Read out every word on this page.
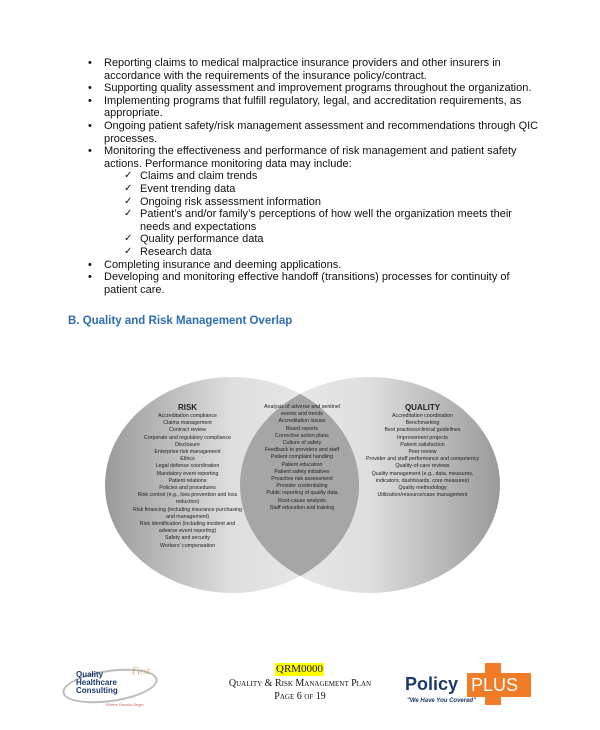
• Reporting claims to medical malpractice insurance providers and other insurers in accordance with the requirements of the insurance policy/contract.
• Supporting quality assessment and improvement programs throughout the organization.
• Implementing programs that fulfill regulatory, legal, and accreditation requirements, as appropriate.
• Ongoing patient safety/risk management assessment and recommendations through QIC processes.
• Monitoring the effectiveness and performance of risk management and patient safety actions. Performance monitoring data may include:
✓ Claims and claim trends
✓ Event trending data
✓ Ongoing risk assessment information
✓ Patient’s and/or family’s perceptions of how well the organization meets their needs and expectations
✓ Quality performance data
✓ Research data
• Completing insurance and deeming applications.
• Developing and monitoring effective handoff (transitions) processes for continuity of patient care.
B. Quality and Risk Management Overlap
RISK
Accreditation compliance
Claims management
Contract review
Corporate and regulatory compliance
Disclosure
Enterprise risk management
Ethics
Legal defense coordination
Mandatory event reporting
Patient relations
Policies and procedures
Risk control (e.g., loss prevention and loss reduction)
Risk financing (including insurance purchasing and management)
Risk identification (including incident and adverse event reporting)
Safety and security
Workers’ compensation
Analysis of adverse and sentinel events and trends
Accreditation issues
Board reports
Corrective action plans
Culture of safety
Feedback to providers and staff
Patient complaint handling
Patient education
Patient safety initiatives
Proactive risk assessment
Provider credentialing
Public reporting of quality data
Root-cause analysis
Staff education and training
QUALITY
Accreditation coordination
Benchmarking
Best practices/clinical guidelines
Improvement projects
Patient satisfaction
Peer review
Provider and staff performance and competency
Quality-of-care reviews
Quality management (e.g., data, measures, indicators, dashboards, core measures)
Quality methodology
Utilization/resource/case management
Quality Healthcare Consulting
First
Where Results Begin
QRM0000
Quality & Risk Management Plan
Page 6 of 19
Policy PLUS
"We Have You Covered"
